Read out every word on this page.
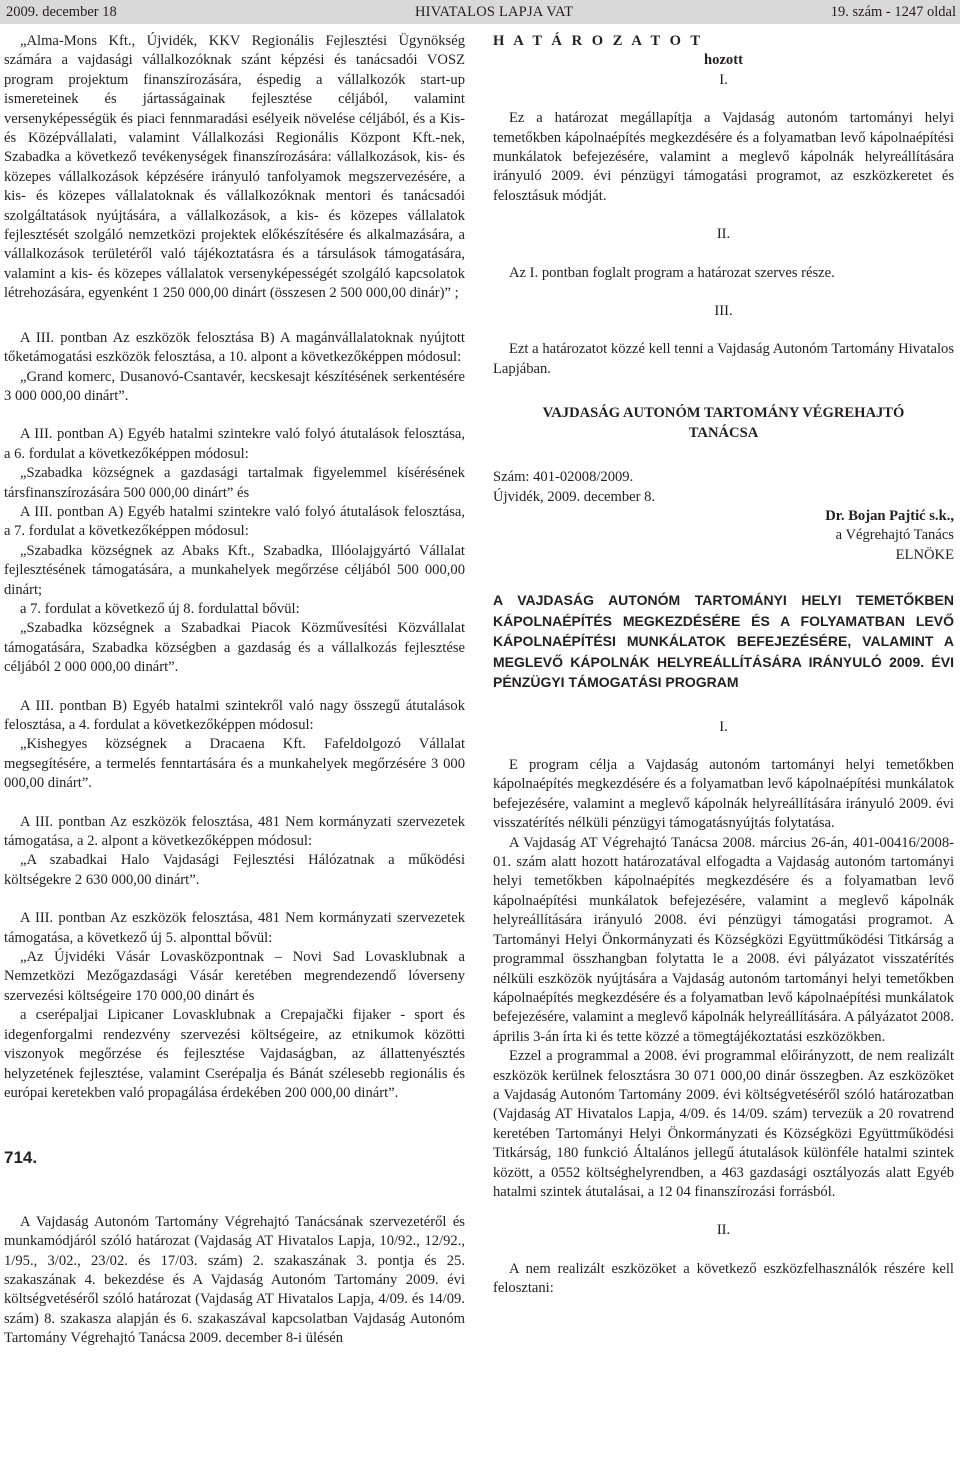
2009. december 18	HIVATALOS LAPJA VAT	19. szám - 1247 oldal

„Alma-Mons Kft., Újvidék, KKV Regionális Fejlesztési Ügynökség számára a vajdasági vállalkozóknak szánt képzési és tanácsadói VOSZ program projektum finanszírozására, éspedig a vállalkozók start-up ismereteinek és jártasságainak fejlesztése céljából, valamint versenyképességük és piaci fennmaradási esélyeik növelése céljából, és a Kis- és Középvállalati, valamint Vállalkozási Regionális Központ Kft.-nek, Szabadka a következő tevékenységek finanszírozására: vállalkozások, kis- és közepes vállalkozások képzésére irányuló tanfolyamok megszervezésére, a kis- és közepes vállalatoknak és vállalkozóknak mentori és tanácsadói szolgáltatások nyújtására, a vállalkozások, a kis- és közepes vállalatok fejlesztését szolgáló nemzetközi projektek előkészítésére és alkalmazására, a vállalkozások területéről való tájékoztatásra és a társulások támogatására, valamint a kis- és közepes vállalatok versenyképességét szolgáló kapcsolatok létrehozására, egyenként 1 250 000,00 dinárt (összesen 2 500 000,00 dinár)” ;

A III. pontban Az eszközök felosztása B) A magánvállalatoknak nyújtott tőketámogatási eszközök felosztása, a 10. alpont a következőképpen módosul:

„Grand komerc, Dusanovó-Csantavér, kecskesajt készítésének serkentésére 3 000 000,00 dinárt”.

A III. pontban A) Egyéb hatalmi szintekre való folyó átutalások felosztása, a 6. fordulat a következőképpen módosul:

„Szabadka községnek a gazdasági tartalmak figyelemmel kísérésének társfinanszírozására 500 000,00 dinárt” és

A III. pontban A) Egyéb hatalmi szintekre való folyó átutalások felosztása, a 7. fordulat a következőképpen módosul:

„Szabadka községnek az Abaks Kft., Szabadka, Illóolajgyártó Vállalat fejlesztésének támogatására, a munkahelyek megőrzése céljából 500 000,00 dinárt;

a 7. fordulat a következő új 8. fordulattal bővül:

„Szabadka községnek a Szabadkai Piacok Közművesítési Közvállalat támogatására, Szabadka községben a gazdaság és a vállalkozás fejlesztése céljából 2 000 000,00 dinárt”.

A III. pontban B) Egyéb hatalmi szintekről való nagy összegű átutalások felosztása, a 4. fordulat a következőképpen módosul:

„Kishegyes községnek a Dracaena Kft. Fafeldolgozó Vállalat megsegítésére, a termelés fenntartására és a munkahelyek megőrzésére 3 000 000,00 dinárt”.

A III. pontban Az eszközök felosztása, 481 Nem kormányzati szervezetek támogatása, a 2. alpont a következőképpen módosul:

„A szabadkai Halo Vajdasági Fejlesztési Hálózatnak a működési költségekre 2 630 000,00 dinárt”.

A III. pontban Az eszközök felosztása, 481 Nem kormányzati szervezetek támogatása, a következő új 5. alponttal bővül:

„Az Újvidéki Vásár Lovasközpontnak – Novi Sad Lovasklubnak a Nemzetközi Mezőgazdasági Vásár keretében megrendezendő lóverseny szervezési költségeire 170 000,00 dinárt és

a cserépaljai Lipicaner Lovasklubnak a Crepajački fijaker - sport és idegenforgalmi rendezvény szervezési költségeire, az etnikumok közötti viszonyok megőrzése és fejlesztése Vajdaságban, az állattenyésztés helyzetének fejlesztése, valamint Cserépalja és Bánát szélesebb regionális és európai keretekben való propagálása érdekében 200 000,00 dinárt”.

714.

A Vajdaság Autonóm Tartomány Végrehajtó Tanácsának szervezetéről és munkamódjáról szóló határozat (Vajdaság AT Hivatalos Lapja, 10/92., 12/92., 1/95., 3/02., 23/02. és 17/03. szám) 2. szakaszának 3. pontja és 25. szakaszának 4. bekezdése és A Vajdaság Autonóm Tartomány 2009. évi költségvetéséről szóló határozat (Vajdaság AT Hivatalos Lapja, 4/09. és 14/09. szám) 8. szakasza alapján és 6. szakaszával kapcsolatban Vajdaság Autonóm Tartomány Végrehajtó Tanácsa 2009. december 8-i ülésén

H A T Á R O Z A T O T

hozott

I.

Ez a határozat megállapítja a Vajdaság autonóm tartományi helyi temetőkben kápolnaépítés megkezdésére és a folyamatban levő kápolnaépítési munkálatok befejezésére, valamint a meglevő kápolnák helyreállítására irányuló 2009. évi pénzügyi támogatási programot, az eszközkeretet és felosztásuk módját.

II.

Az I. pontban foglalt program a határozat szerves része.

III.

Ezt a határozatot közzé kell tenni a Vajdaság Autonóm Tartomány Hivatalos Lapjában.

VAJDASÁG AUTONÓM TARTOMÁNY VÉGREHAJTÓ TANÁCSA

Szám: 401-02008/2009.

Újvidék, 2009. december 8.

Dr. Bojan Pajtić s.k.,

a Végrehajtó Tanács

ELNÖKE

A VAJDASÁG AUTONÓM TARTOMÁNYI HELYI TEMETŐKBEN KÁPOLNAÉPÍTÉS MEGKEZDÉSÉRE ÉS A FOLYAMATBAN LEVŐ KÁPOLNAÉPÍTÉSI MUNKÁLATOK BEFEJEZÉSÉRE, VALAMINT A MEGLEVŐ KÁPOLNÁK HELYREÁLLÍTÁSÁRA IRÁNYULÓ 2009. ÉVI PÉNZÜGYI TÁMOGATÁSI PROGRAM

I.

E program célja a Vajdaság autonóm tartományi helyi temetőkben kápolnaépítés megkezdésére és a folyamatban levő kápolnaépítési munkálatok befejezésére, valamint a meglevő kápolnák helyreállítására irányuló 2009. évi visszatérítés nélküli pénzügyi támogatásnyújtás folytatása.

A Vajdaság AT Végrehajtó Tanácsa 2008. március 26-án, 401-00416/2008-01. szám alatt hozott határozatával elfogadta a Vajdaság autonóm tartományi helyi temetőkben kápolnaépítés megkezdésére és a folyamatban levő kápolnaépítési munkálatok befejezésére, valamint a meglevő kápolnák helyreállítására irányuló 2008. évi pénzügyi támogatási programot. A Tartományi Helyi Önkormányzati és Községközi Együttműködési Titkárság a programmal összhangban folytatta le a 2008. évi pályázatot visszatérítés nélküli eszközök nyújtására a Vajdaság autonóm tartományi helyi temetőkben kápolnaépítés megkezdésére és a folyamatban levő kápolnaépítési munkálatok befejezésére, valamint a meglevő kápolnák helyreállítására. A pályázatot 2008. április 3-án írta ki és tette közzé a tömegtájékoztatási eszközökben.

Ezzel a programmal a 2008. évi programmal előirányzott, de nem realizált eszközök kerülnek felosztásra 30 071 000,00 dinár összegben. Az eszközöket a Vajdaság Autonóm Tartomány 2009. évi költségvetéséről szóló határozatban (Vajdaság AT Hivatalos Lapja, 4/09. és 14/09. szám) tervezük a 20 rovatrend keretében Tartományi Helyi Önkormányzati és Községközi Együttműködési Titkárság, 180 funkció Általános jellegű átutalások különféle hatalmi szintek között, a 0552 költséghelyrendben, a 463 gazdasági osztályozás alatt Egyéb hatalmi szintek átutalásai, a 12 04 finanszírozási forrásból.

II.

A nem realizált eszközöket a következő eszközfelhasználók részére kell felosztani:
